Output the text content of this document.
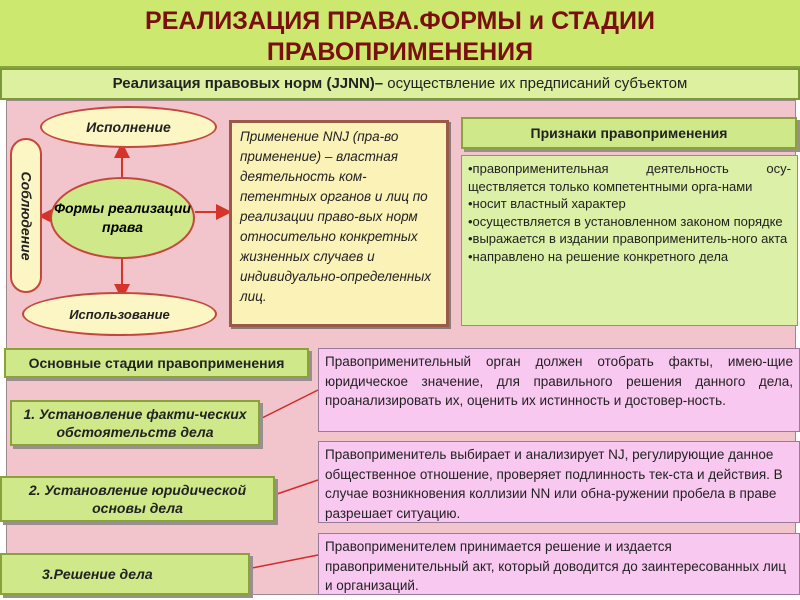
РЕАЛИЗАЦИЯ ПРАВА.ФОРМЫ и СТАДИИ
ПРАВОПРИМЕНЕНИЯ
Реализация правовых норм (JJNN)– осуществление их предписаний субъектом
Исполнение
Формы реализации права
Соблюдение
Использование
Применение NNJ (пра-во применение) – властная деятельность ком-петентных органов и лиц по реализации право-вых норм относительно конкретных жизненных случаев и индивидуально-определенных лиц.
Признаки правоприменения
•правоприменительная деятельность осу-ществляется только компетентными орга-нами
•носит властный характер
•осуществляется в установленном законом порядке
•выражается в издании правоприменитель-ного акта
•направлено на решение конкретного дела
Основные стадии правоприменения
1. Установление факти-ческих обстоятельств дела
2. Установление юридической основы дела
3.Решение дела
Правоприменительный орган должен отобрать факты, имею-щие юридическое значение, для правильного решения данного дела, проанализировать их, оценить их истинность и достовер-ность.
Правоприменитель выбирает и анализирует NJ, регулирующие данное общественное отношение, проверяет подлинность тек-ста и действия. В случае возникновения коллизии NN или обна-ружении пробела в праве разрешает ситуацию.
Правоприменителем принимается решение и издается правоприменительный акт, который доводится до заинтересованных лиц и организаций.
